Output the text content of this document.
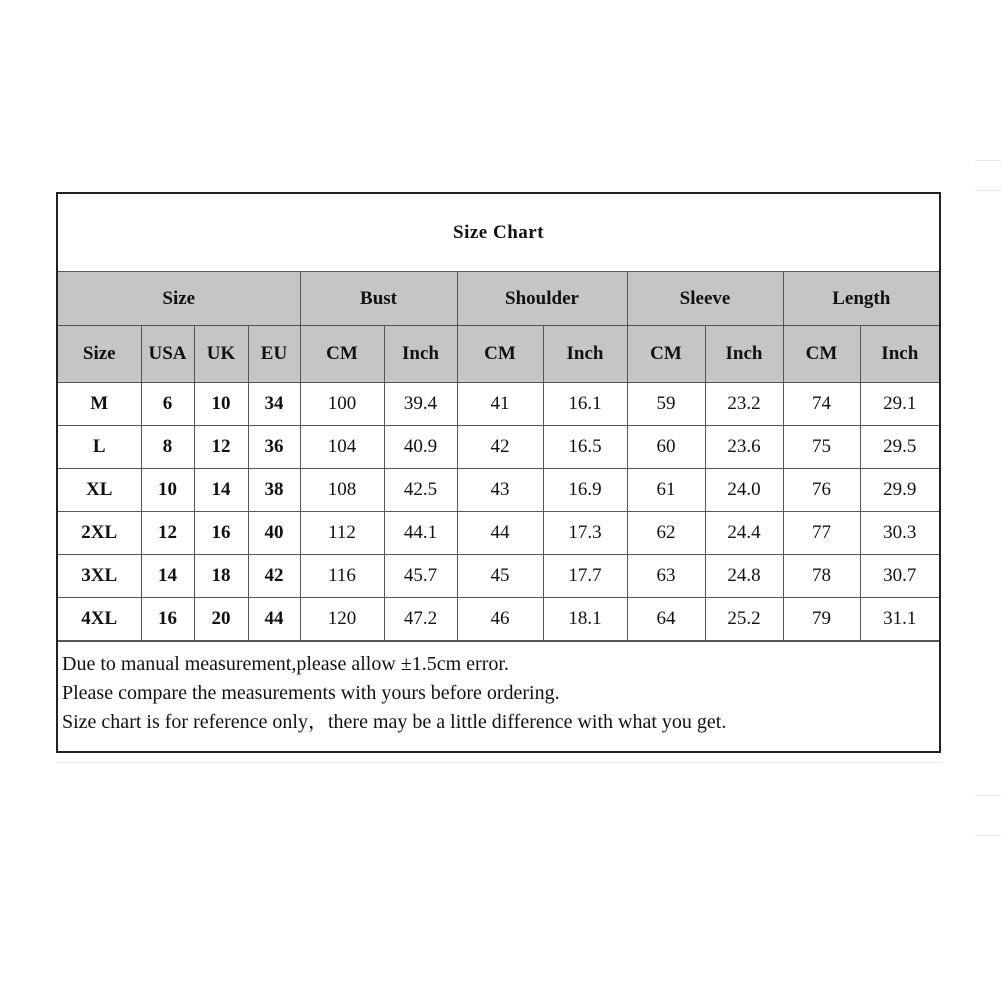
Size Chart											
Size				Bust		Shoulder		Sleeve		Length	
Size	USA	UK	EU	CM	Inch	CM	Inch	CM	Inch	CM	Inch
M	6	10	34	100	39.4	41	16.1	59	23.2	74	29.1
L	8	12	36	104	40.9	42	16.5	60	23.6	75	29.5
XL	10	14	38	108	42.5	43	16.9	61	24.0	76	29.9
2XL	12	16	40	112	44.1	44	17.3	62	24.4	77	30.3
3XL	14	18	42	116	45.7	45	17.7	63	24.8	78	30.7
4XL	16	20	44	120	47.2	46	18.1	64	25.2	79	31.1
Due to manual measurement,please allow ±1.5cm error.
Please compare the measurements with yours before ordering.
Size chart is for reference only，there may be a little difference with what you get.
